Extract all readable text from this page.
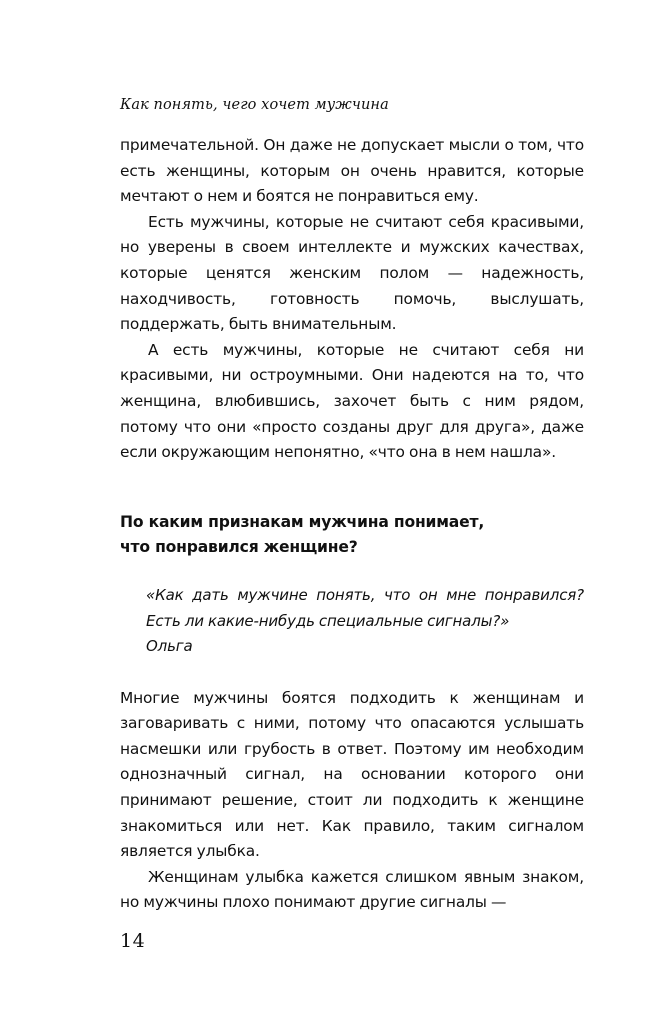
Как понять, чего хочет мужчина

примечательной. Он даже не допускает мысли о том, что есть женщины, которым он очень нравится, которые мечтают о нем и боятся не понравиться ему.

Есть мужчины, которые не считают себя красивыми, но уверены в своем интеллекте и мужских качествах, которые ценятся женским полом — надежность, находчивость, готовность помочь, выслушать, поддержать, быть внимательным.

А есть мужчины, которые не считают себя ни красивыми, ни остроумными. Они надеются на то, что женщина, влюбившись, захочет быть с ним рядом, потому что они «просто созданы друг для друга», даже если окружающим непонятно, «что она в нем нашла».

По каким признакам мужчина понимает,
что понравился женщине?
«Как дать мужчине понять, что он мне понравился? Есть ли какие-нибудь специальные сигналы?»
Ольга

Многие мужчины боятся подходить к женщинам и заговаривать с ними, потому что опасаются услышать насмешки или грубость в ответ. Поэтому им необходим однозначный сигнал, на основании которого они принимают решение, стоит ли подходить к женщине знакомиться или нет. Как правило, таким сигналом является улыбка.

Женщинам улыбка кажется слишком явным знаком, но мужчины плохо понимают другие сигналы —

14
